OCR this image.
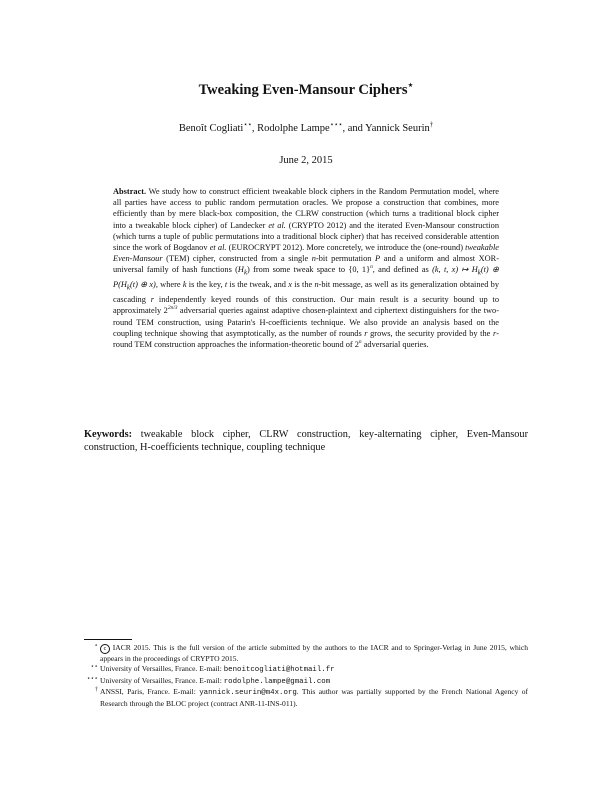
Tweaking Even-Mansour Ciphers⋆
Benoît Cogliati⋆⋆, Rodolphe Lampe⋆⋆⋆, and Yannick Seurin†
June 2, 2015
Abstract. We study how to construct efficient tweakable block ciphers in the Random Permutation model, where all parties have access to public random permutation oracles. We propose a construction that combines, more efficiently than by mere black-box composition, the CLRW construction (which turns a traditional block cipher into a tweakable block cipher) of Landecker et al. (CRYPTO 2012) and the iterated Even-Mansour construction (which turns a tuple of public permutations into a traditional block cipher) that has received considerable attention since the work of Bogdanov et al. (EUROCRYPT 2012). More concretely, we introduce the (one-round) tweakable Even-Mansour (TEM) cipher, constructed from a single n-bit permutation P and a uniform and almost XOR-universal family of hash functions $(H_k)$ from some tweak space to {0, 1}$^n$, and defined as (k, t, x) ↦ $H_k(t)$ ⊕ $P(H_k(t)$ ⊕ x), where k is the key, t is the tweak, and x is the n-bit message, as well as its generalization obtained by cascading r independently keyed rounds of this construction. Our main result is a security bound up to approximately $2^{2n/3}$ adversarial queries against adaptive chosen-plaintext and ciphertext distinguishers for the two-round TEM construction, using Patarin's H-coefficients technique. We also provide an analysis based on the coupling technique showing that asymptotically, as the number of rounds r grows, the security provided by the r-round TEM construction approaches the information-theoretic bound of 2$^n$ adversarial queries.
Keywords: tweakable block cipher, CLRW construction, key-alternating cipher, Even-Mansour construction, H-coefficients technique, coupling technique
⋆ c IACR 2015. This is the full version of the article submitted by the authors to the IACR and to Springer-Verlag in June 2015, which appears in the proceedings of CRYPTO 2015.
⋆⋆ University of Versailles, France. E-mail: benoitcogliati@hotmail.fr
⋆⋆⋆ University of Versailles, France. E-mail: rodolphe.lampe@gmail.com
† ANSSI, Paris, France. E-mail: yannick.seurin@m4x.org. This author was partially supported by the French National Agency of Research through the BLOC project (contract ANR-11-INS-011).
